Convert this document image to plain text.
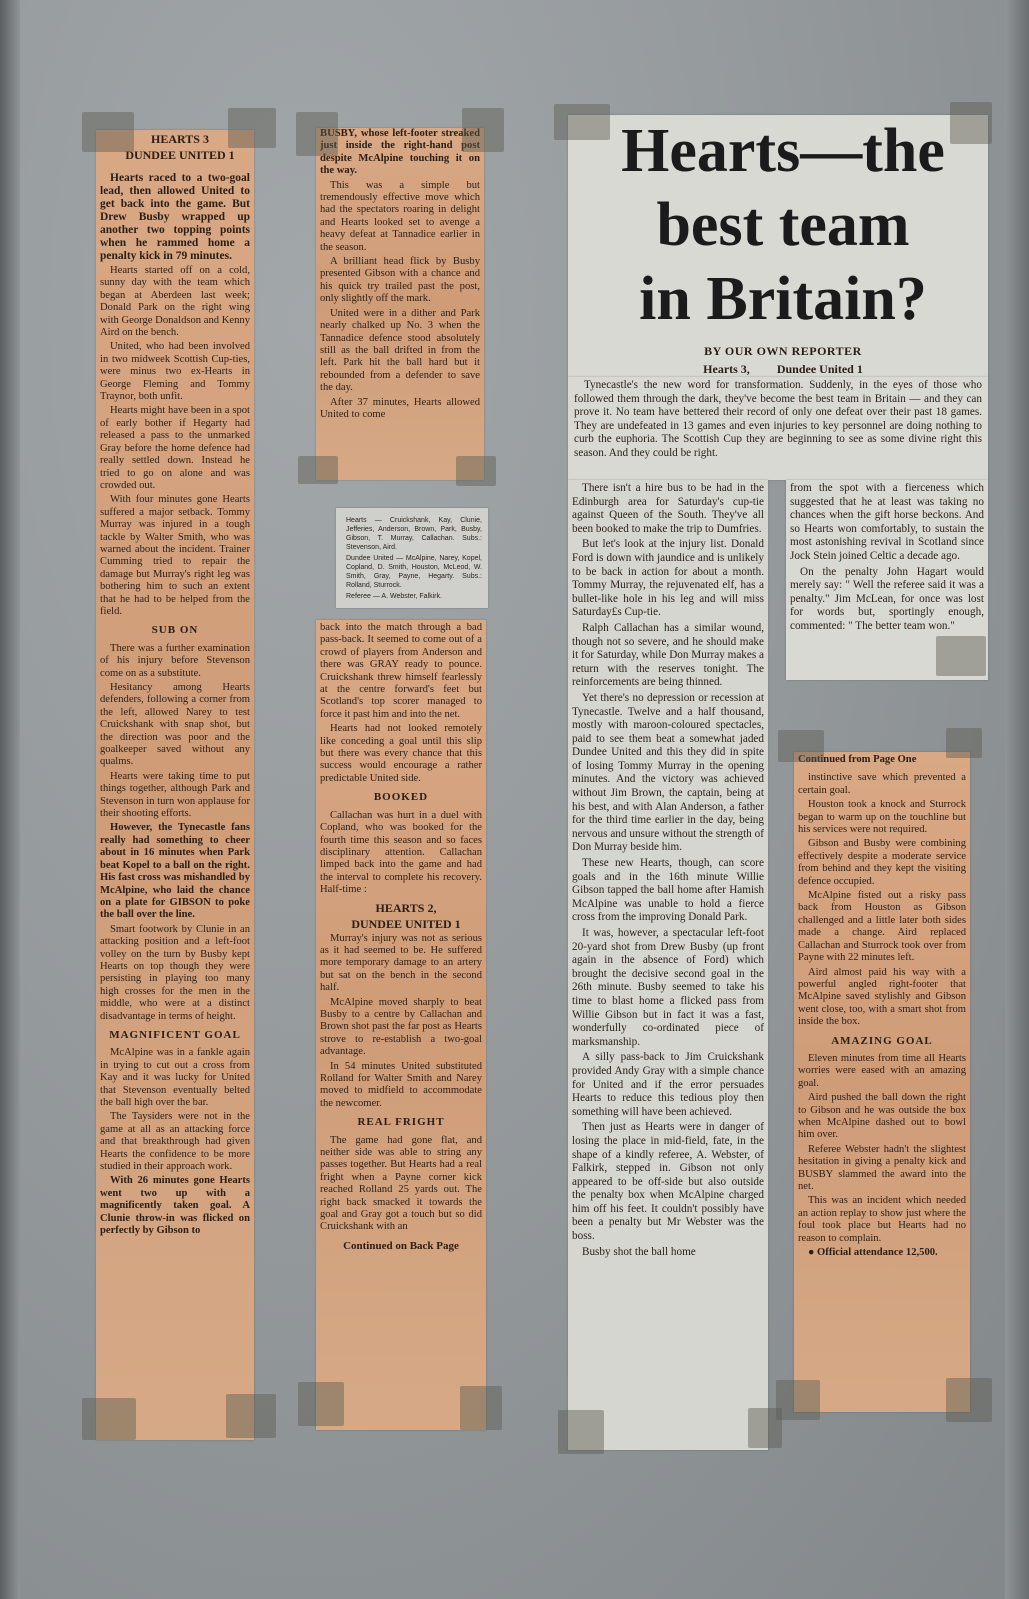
HEARTS 3

DUNDEE UNITED 1

Hearts raced to a two-goal lead, then allowed United to get back into the game. But Drew Busby wrapped up another two topping points when he rammed home a penalty kick in 79 minutes.

Hearts started off on a cold, sunny day with the team which began at Aberdeen last week; Donald Park on the right wing with George Donaldson and Kenny Aird on the bench.

United, who had been involved in two midweek Scottish Cup-ties, were minus two ex-Hearts in George Fleming and Tommy Traynor, both unfit.

Hearts might have been in a spot of early bother if Hegarty had released a pass to the unmarked Gray before the home defence had really settled down. Instead he tried to go on alone and was crowded out.

With four minutes gone Hearts suffered a major setback. Tommy Murray was injured in a tough tackle by Walter Smith, who was warned about the incident. Trainer Cumming tried to repair the damage but Murray's right leg was bothering him to such an extent that he had to be helped from the field.

SUB ON

There was a further examination of his injury before Stevenson come on as a substitute.

Hesitancy among Hearts defenders, following a corner from the left, allowed Narey to test Cruickshank with snap shot, but the direction was poor and the goalkeeper saved without any qualms.

Hearts were taking time to put things together, although Park and Stevenson in turn won applause for their shooting efforts.

However, the Tynecastle fans really had something to cheer about in 16 minutes when Park beat Kopel to a ball on the right. His fast cross was mishandled by McAlpine, who laid the chance on a plate for GIBSON to poke the ball over the line.

Smart footwork by Clunie in an attacking position and a left-foot volley on the turn by Busby kept Hearts on top though they were persisting in playing too many high crosses for the men in the middle, who were at a distinct disadvantage in terms of height.

MAGNIFICENT GOAL

McAlpine was in a fankle again in trying to cut out a cross from Kay and it was lucky for United that Stevenson eventually belted the ball high over the bar.

The Taysiders were not in the game at all as an attacking force and that breakthrough had given Hearts the confidence to be more studied in their approach work.

With 26 minutes gone Hearts went two up with a magnificently taken goal. A Clunie throw-in was flicked on perfectly by Gibson to

BUSBY, whose left-footer streaked just inside the right-hand post despite McAlpine touching it on the way.

This was a simple but tremendously effective move which had the spectators roaring in delight and Hearts looked set to avenge a heavy defeat at Tannadice earlier in the season.

A brilliant head flick by Busby presented Gibson with a chance and his quick try trailed past the post, only slightly off the mark.

United were in a dither and Park nearly chalked up No. 3 when the Tannadice defence stood absolutely still as the ball drifted in from the left. Park hit the ball hard but it rebounded from a defender to save the day.

After 37 minutes, Hearts allowed United to come

Hearts — Cruickshank, Kay, Clunie, Jefferies, Anderson, Brown, Park, Busby, Gibson, T. Murray, Callachan. Subs.: Stevenson, Aird.

Dundee United — McAlpine, Narey, Kopel, Copland, D. Smith, Houston, McLeod, W. Smith, Gray, Payne, Hegarty. Subs.: Rolland, Sturrock.

Referee — A. Webster, Falkirk.

back into the match through a bad pass-back. It seemed to come out of a crowd of players from Anderson and there was GRAY ready to pounce. Cruickshank threw himself fearlessly at the centre forward's feet but Scotland's top scorer managed to force it past him and into the net.

Hearts had not looked remotely like conceding a goal until this slip but there was every chance that this success would encourage a rather predictable United side.

BOOKED

Callachan was hurt in a duel with Copland, who was booked for the fourth time this season and so faces disciplinary attention. Callachan limped back into the game and had the interval to complete his recovery. Half-time :

HEARTS 2,

DUNDEE UNITED 1

Murray's injury was not as serious as it had seemed to be. He suffered more temporary damage to an artery but sat on the bench in the second half.

McAlpine moved sharply to beat Busby to a centre by Callachan and Brown shot past the far post as Hearts strove to re-establish a two-goal advantage.

In 54 minutes United substituted Rolland for Walter Smith and Narey moved to midfield to accommodate the newcomer.

REAL FRIGHT

The game had gone flat, and neither side was able to string any passes together. But Hearts had a real fright when a Payne corner kick reached Rolland 25 yards out. The right back smacked it towards the goal and Gray got a touch but so did Cruickshank with an

Continued on Back Page

Hearts—the

best team

in Britain?

BY OUR OWN REPORTER

Hearts 3, Dundee United 1

Tynecastle's the new word for transformation. Suddenly, in the eyes of those who followed them through the dark, they've become the best team in Britain — and they can prove it. No team have bettered their record of only one defeat over their past 18 games. They are undefeated in 13 games and even injuries to key personnel are doing nothing to curb the euphoria. The Scottish Cup they are beginning to see as some divine right this season. And they could be right.

There isn't a hire bus to be had in the Edinburgh area for Saturday's cup-tie against Queen of the South. They've all been booked to make the trip to Dumfries.

But let's look at the injury list. Donald Ford is down with jaundice and is unlikely to be back in action for about a month. Tommy Murray, the rejuvenated elf, has a bullet-like hole in his leg and will miss Saturday£s Cup-tie.

Ralph Callachan has a similar wound, though not so severe, and he should make it for Saturday, while Don Murray makes a return with the reserves tonight. The reinforcements are being thinned.

Yet there's no depression or recession at Tynecastle. Twelve and a half thousand, mostly with maroon-coloured spectacles, paid to see them beat a somewhat jaded Dundee United and this they did in spite of losing Tommy Murray in the opening minutes. And the victory was achieved without Jim Brown, the captain, being at his best, and with Alan Anderson, a father for the third time earlier in the day, being nervous and unsure without the strength of Don Murray beside him.

These new Hearts, though, can score goals and in the 16th minute Willie Gibson tapped the ball home after Hamish McAlpine was unable to hold a fierce cross from the improving Donald Park.

It was, however, a spectacular left-foot 20-yard shot from Drew Busby (up front again in the absence of Ford) which brought the decisive second goal in the 26th minute. Busby seemed to take his time to blast home a flicked pass from Willie Gibson but in fact it was a fast, wonderfully co-ordinated piece of marksmanship.

A silly pass-back to Jim Cruickshank provided Andy Gray with a simple chance for United and if the error persuades Hearts to reduce this tedious ploy then something will have been achieved.

Then just as Hearts were in danger of losing the place in mid-field, fate, in the shape of a kindly referee, A. Webster, of Falkirk, stepped in. Gibson not only appeared to be off-side but also outside the penalty box when McAlpine charged him off his feet. It couldn't possibly have been a penalty but Mr Webster was the boss.

Busby shot the ball home

from the spot with a fierceness which suggested that he at least was taking no chances when the gift horse beckons. And so Hearts won comfortably, to sustain the most astonishing revival in Scotland since Jock Stein joined Celtic a decade ago.

On the penalty John Hagart would merely say: " Well the referee said it was a penalty." Jim McLean, for once was lost for words but, sportingly enough, commented: " The better team won."

Continued from Page One

instinctive save which prevented a certain goal.

Houston took a knock and Sturrock began to warm up on the touchline but his services were not required.

Gibson and Busby were combining effectively despite a moderate service from behind and they kept the visiting defence occupied.

McAlpine fisted out a risky pass back from Houston as Gibson challenged and a little later both sides made a change. Aird replaced Callachan and Sturrock took over from Payne with 22 minutes left.

Aird almost paid his way with a powerful angled right-footer that McAlpine saved stylishly and Gibson went close, too, with a smart shot from inside the box.

AMAZING GOAL

Eleven minutes from time all Hearts worries were eased with an amazing goal.

Aird pushed the ball down the right to Gibson and he was outside the box when McAlpine dashed out to bowl him over.

Referee Webster hadn't the slightest hesitation in giving a penalty kick and BUSBY slammed the award into the net.

This was an incident which needed an action replay to show just where the foul took place but Hearts had no reason to complain.

● Official attendance 12,500.
